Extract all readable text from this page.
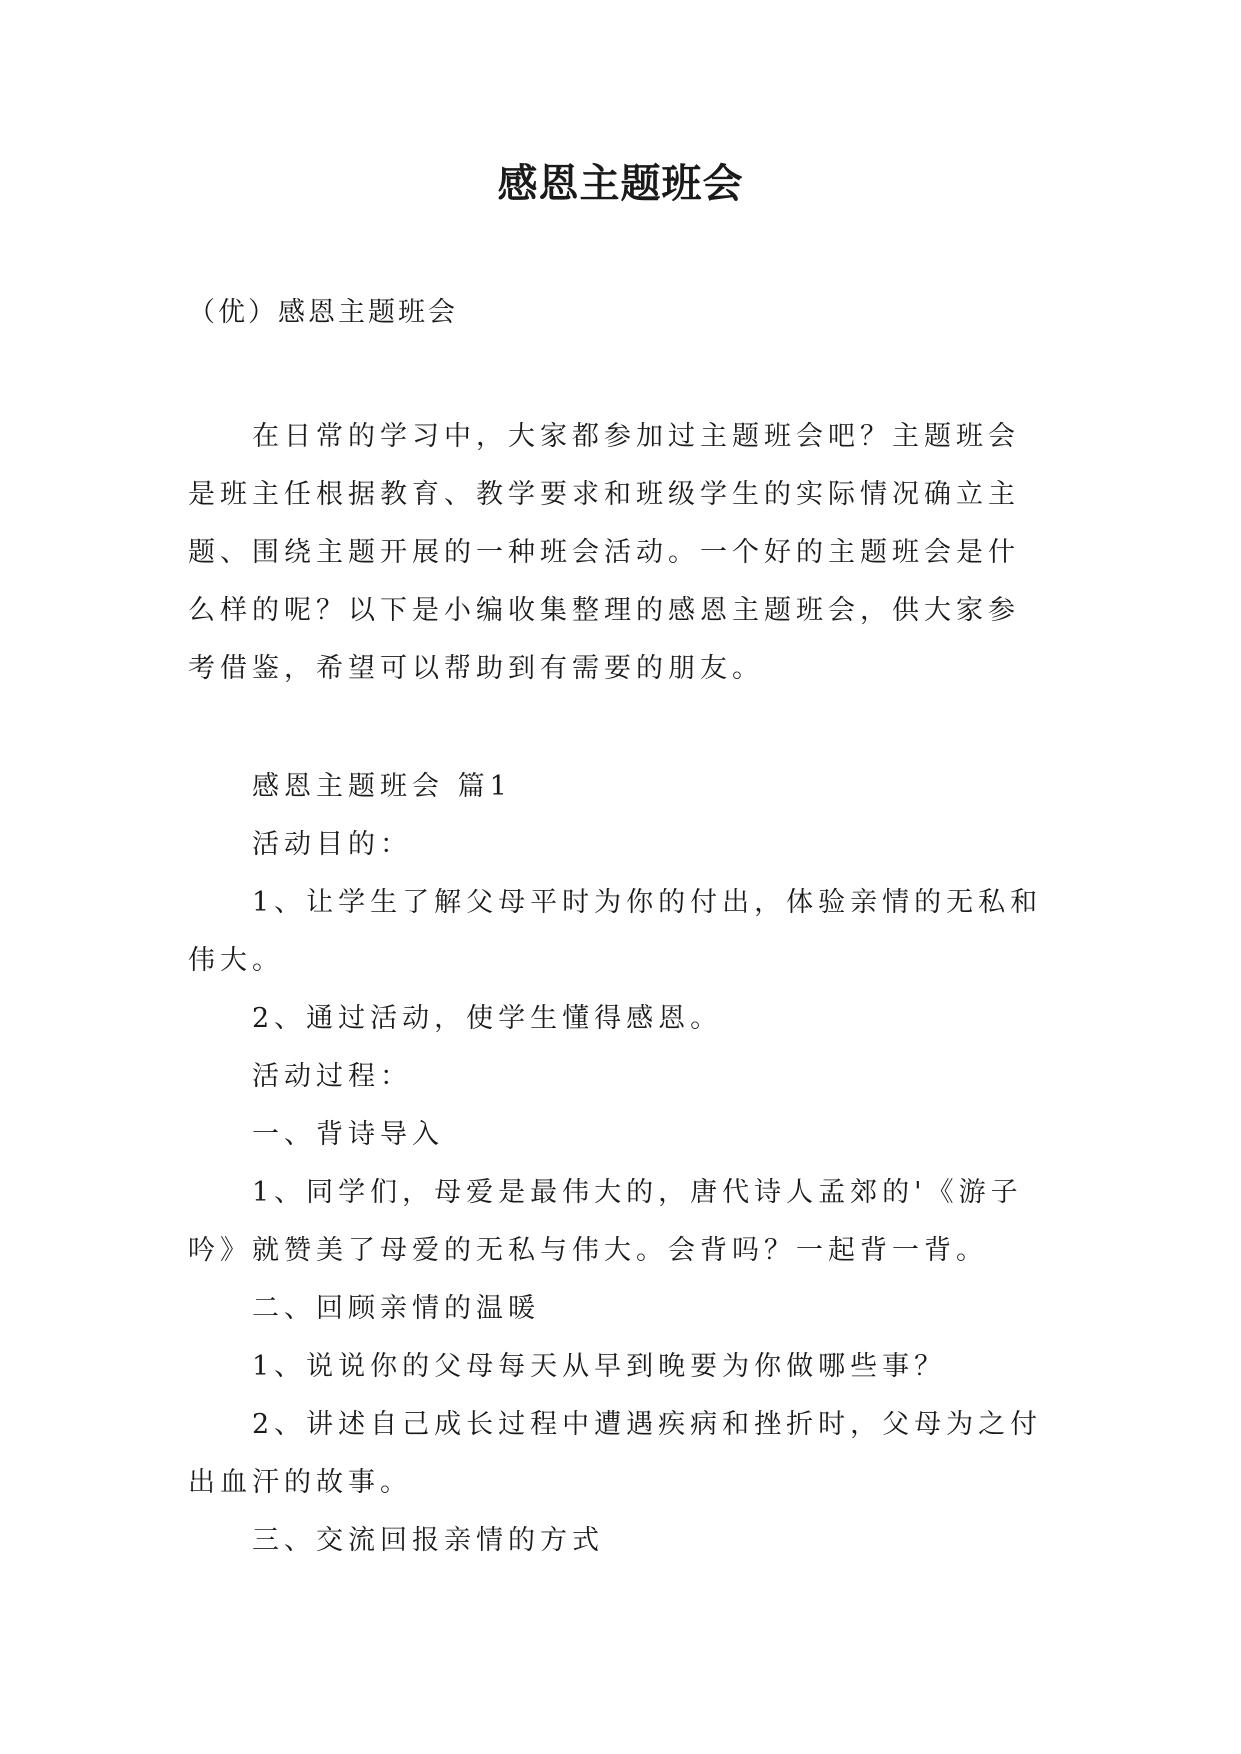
感恩主题班会
（优）感恩主题班会

在日常的学习中，大家都参加过主题班会吧？主题班会是班主任根据教育、教学要求和班级学生的实际情况确立主题、围绕主题开展的一种班会活动。一个好的主题班会是什么样的呢？以下是小编收集整理的感恩主题班会，供大家参考借鉴，希望可以帮助到有需要的朋友。

感恩主题班会 篇1

活动目的：

1、让学生了解父母平时为你的付出，体验亲情的无私和伟大。

2、通过活动，使学生懂得感恩。

活动过程：

一、背诗导入

1、同学们，母爱是最伟大的，唐代诗人孟郊的'《游子吟》就赞美了母爱的无私与伟大。会背吗？一起背一背。

二、回顾亲情的温暖

1、说说你的父母每天从早到晚要为你做哪些事？

2、讲述自己成长过程中遭遇疾病和挫折时，父母为之付出血汗的故事。

三、交流回报亲情的方式
